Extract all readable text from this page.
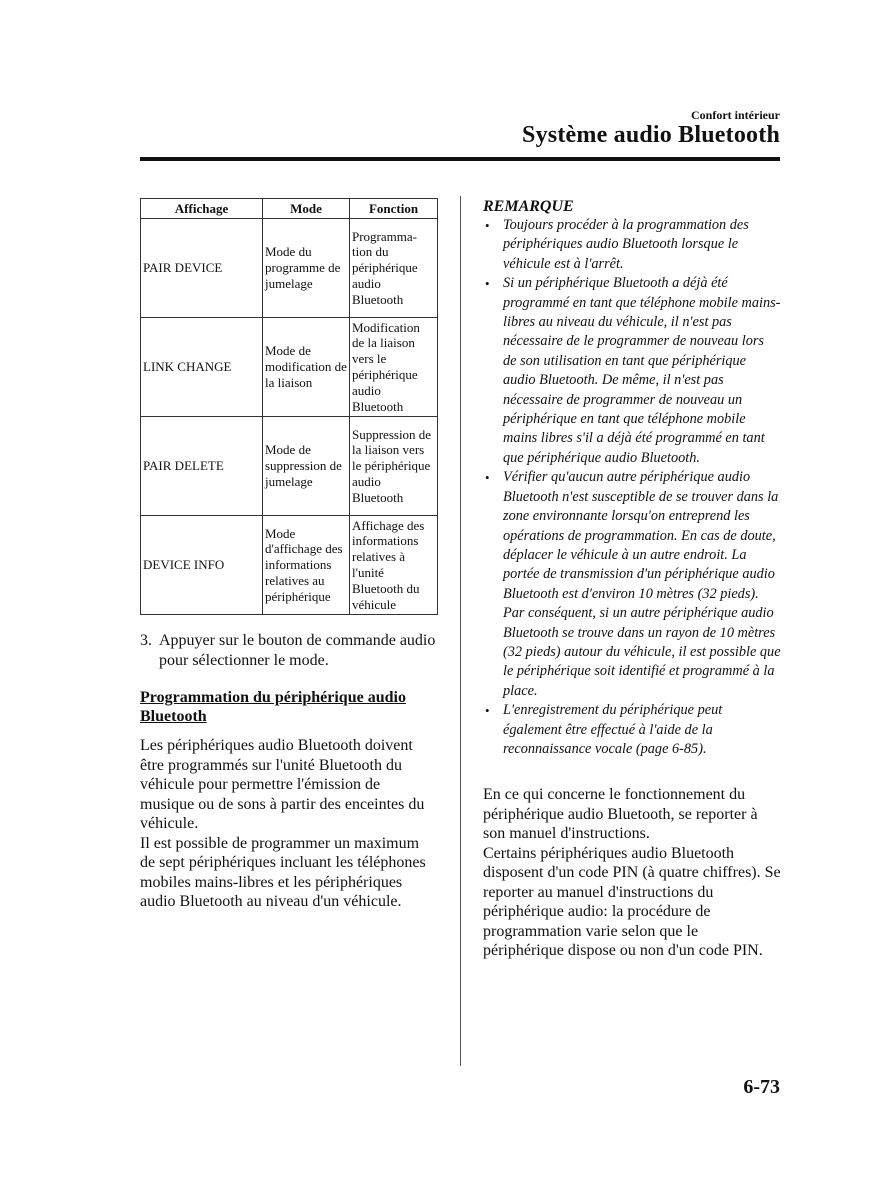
Confort intérieur
Système audio Bluetooth
Affichage	Mode	Fonction
PAIR DEVICE	Mode du programme de jumelage	Programma-tion du périphérique audio Bluetooth
LINK CHANGE	Mode de modification de la liaison	Modification de la liaison vers le périphérique audio Bluetooth
PAIR DELETE	Mode de suppression de jumelage	Suppression de la liaison vers le périphérique audio Bluetooth
DEVICE INFO	Mode d'affichage des informations relatives au périphérique	Affichage des informations relatives à l'unité Bluetooth du véhicule
3. Appuyer sur le bouton de commande audio pour sélectionner le mode.
Programmation du périphérique audio Bluetooth

Les périphériques audio Bluetooth doivent être programmés sur l'unité Bluetooth du véhicule pour permettre l'émission de musique ou de sons à partir des enceintes du véhicule.

Il est possible de programmer un maximum de sept périphériques incluant les téléphones mobiles mains-libres et les périphériques audio Bluetooth au niveau d'un véhicule.

REMARQUE
• Toujours procéder à la programmation des périphériques audio Bluetooth lorsque le véhicule est à l'arrêt.
• Si un périphérique Bluetooth a déjà été programmé en tant que téléphone mobile mains-libres au niveau du véhicule, il n'est pas nécessaire de le programmer de nouveau lors de son utilisation en tant que périphérique audio Bluetooth. De même, il n'est pas nécessaire de programmer de nouveau un périphérique en tant que téléphone mobile mains libres s'il a déjà été programmé en tant que périphérique audio Bluetooth.
• Vérifier qu'aucun autre périphérique audio Bluetooth n'est susceptible de se trouver dans la zone environnante lorsqu'on entreprend les opérations de programmation. En cas de doute, déplacer le véhicule à un autre endroit. La portée de transmission d'un périphérique audio Bluetooth est d'environ 10 mètres (32 pieds). Par conséquent, si un autre périphérique audio Bluetooth se trouve dans un rayon de 10 mètres (32 pieds) autour du véhicule, il est possible que le périphérique soit identifié et programmé à la place.
• L'enregistrement du périphérique peut également être effectué à l'aide de la reconnaissance vocale (page 6-85).

En ce qui concerne le fonctionnement du périphérique audio Bluetooth, se reporter à son manuel d'instructions.

Certains périphériques audio Bluetooth disposent d'un code PIN (à quatre chiffres). Se reporter au manuel d'instructions du périphérique audio: la procédure de programmation varie selon que le périphérique dispose ou non d'un code PIN.

6-73
